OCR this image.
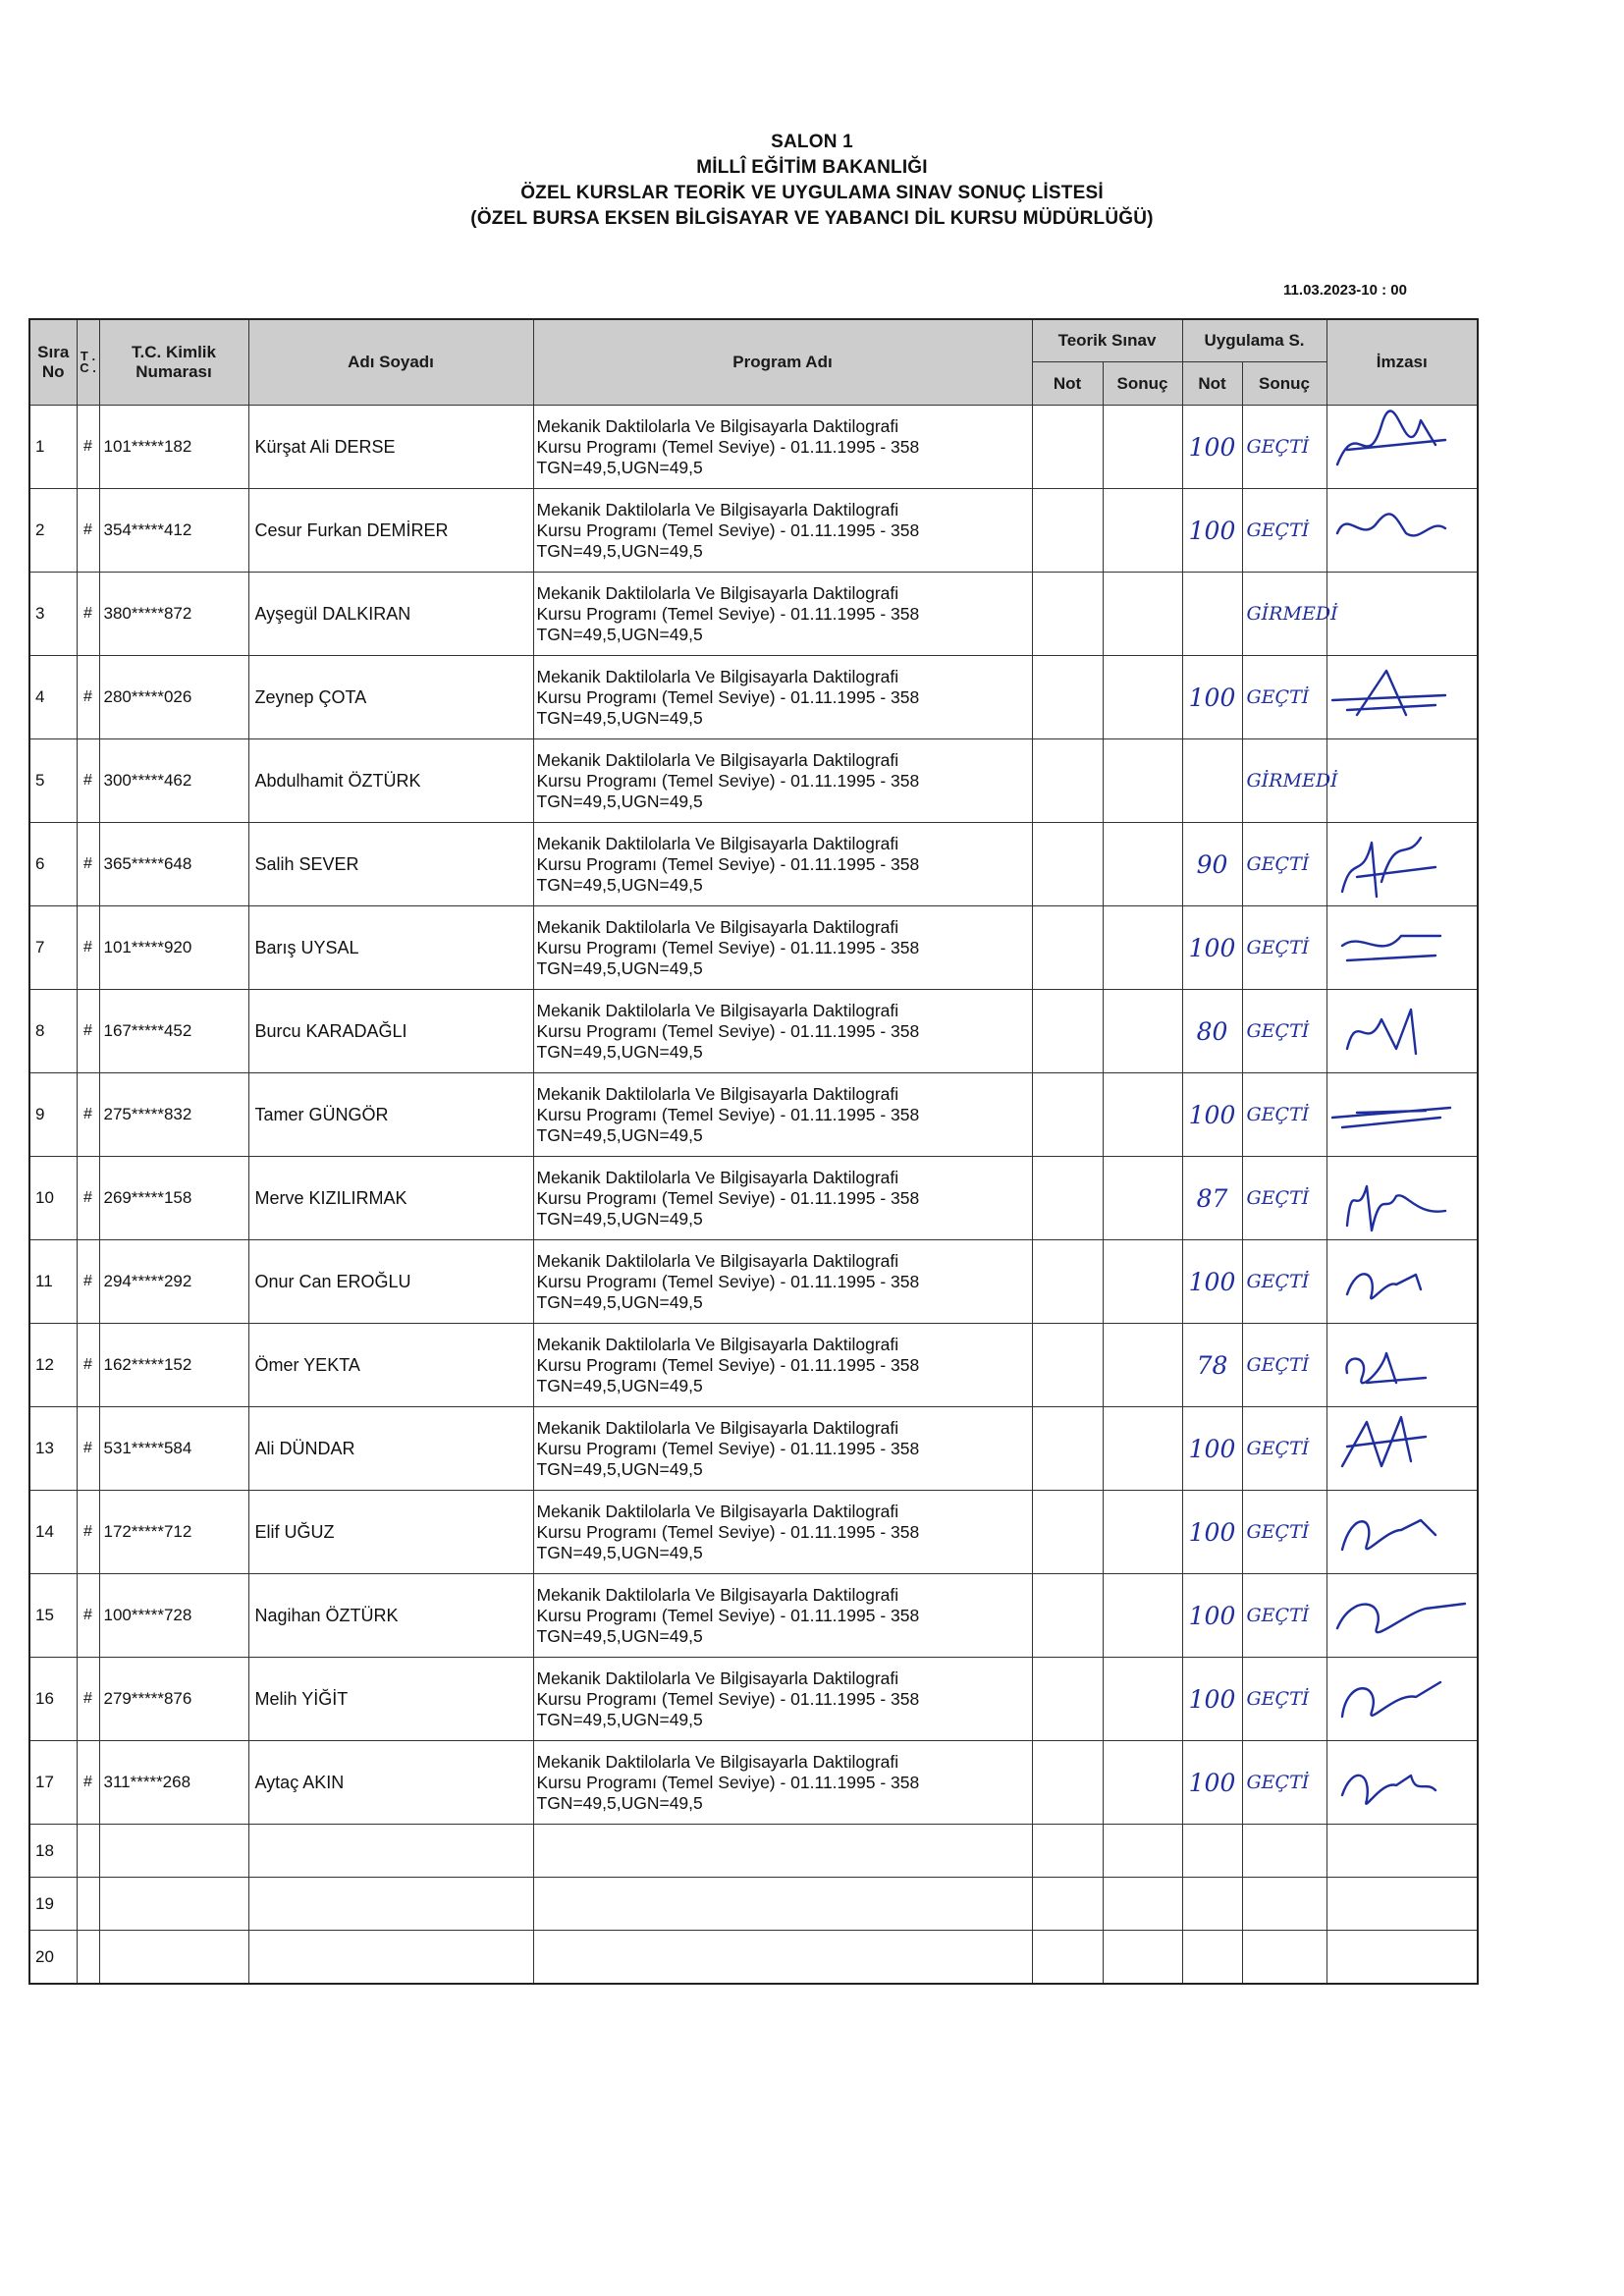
SALON 1
MİLLÎ EĞİTİM BAKANLIĞI
ÖZEL KURSLAR TEORİK VE UYGULAMA SINAV SONUÇ LİSTESİ
(ÖZEL BURSA EKSEN BİLGİSAYAR VE YABANCI DİL KURSU MÜDÜRLÜĞÜ)
11.03.2023-10 : 00
Sıra No	T . C .	T.C. Kimlik Numarası	Adı Soyadı	Program Adı	Teorik Sınav		Uygulama S.		İmzası
					Not	Sonuç	Not	Sonuç	
1	#	101*****182	Kürşat Ali DERSE	Mekanik Daktilolarla Ve Bilgisayarla Daktilografi
Kursu Programı (Temel Seviye) - 01.11.1995 - 358
TGN=49,5,UGN=49,5			100	GEÇTİ	

2	#	354*****412	Cesur Furkan DEMİRER	Mekanik Daktilolarla Ve Bilgisayarla Daktilografi
Kursu Programı (Temel Seviye) - 01.11.1995 - 358
TGN=49,5,UGN=49,5			100	GEÇTİ	

3	#	380*****872	Ayşegül DALKIRAN	Mekanik Daktilolarla Ve Bilgisayarla Daktilografi
Kursu Programı (Temel Seviye) - 01.11.1995 - 358
TGN=49,5,UGN=49,5				GİRMEDİ	
4	#	280*****026	Zeynep ÇOTA	Mekanik Daktilolarla Ve Bilgisayarla Daktilografi
Kursu Programı (Temel Seviye) - 01.11.1995 - 358
TGN=49,5,UGN=49,5			100	GEÇTİ	

5	#	300*****462	Abdulhamit ÖZTÜRK	Mekanik Daktilolarla Ve Bilgisayarla Daktilografi
Kursu Programı (Temel Seviye) - 01.11.1995 - 358
TGN=49,5,UGN=49,5				GİRMEDİ	
6	#	365*****648	Salih SEVER	Mekanik Daktilolarla Ve Bilgisayarla Daktilografi
Kursu Programı (Temel Seviye) - 01.11.1995 - 358
TGN=49,5,UGN=49,5			90	GEÇTİ	

7	#	101*****920	Barış UYSAL	Mekanik Daktilolarla Ve Bilgisayarla Daktilografi
Kursu Programı (Temel Seviye) - 01.11.1995 - 358
TGN=49,5,UGN=49,5			100	GEÇTİ	

8	#	167*****452	Burcu KARADAĞLI	Mekanik Daktilolarla Ve Bilgisayarla Daktilografi
Kursu Programı (Temel Seviye) - 01.11.1995 - 358
TGN=49,5,UGN=49,5			80	GEÇTİ	

9	#	275*****832	Tamer GÜNGÖR	Mekanik Daktilolarla Ve Bilgisayarla Daktilografi
Kursu Programı (Temel Seviye) - 01.11.1995 - 358
TGN=49,5,UGN=49,5			100	GEÇTİ	

10	#	269*****158	Merve KIZILIRMAK	Mekanik Daktilolarla Ve Bilgisayarla Daktilografi
Kursu Programı (Temel Seviye) - 01.11.1995 - 358
TGN=49,5,UGN=49,5			87	GEÇTİ	

11	#	294*****292	Onur Can EROĞLU	Mekanik Daktilolarla Ve Bilgisayarla Daktilografi
Kursu Programı (Temel Seviye) - 01.11.1995 - 358
TGN=49,5,UGN=49,5			100	GEÇTİ	

12	#	162*****152	Ömer YEKTA	Mekanik Daktilolarla Ve Bilgisayarla Daktilografi
Kursu Programı (Temel Seviye) - 01.11.1995 - 358
TGN=49,5,UGN=49,5			78	GEÇTİ	

13	#	531*****584	Ali DÜNDAR	Mekanik Daktilolarla Ve Bilgisayarla Daktilografi
Kursu Programı (Temel Seviye) - 01.11.1995 - 358
TGN=49,5,UGN=49,5			100	GEÇTİ	

14	#	172*****712	Elif UĞUZ	Mekanik Daktilolarla Ve Bilgisayarla Daktilografi
Kursu Programı (Temel Seviye) - 01.11.1995 - 358
TGN=49,5,UGN=49,5			100	GEÇTİ	

15	#	100*****728	Nagihan ÖZTÜRK	Mekanik Daktilolarla Ve Bilgisayarla Daktilografi
Kursu Programı (Temel Seviye) - 01.11.1995 - 358
TGN=49,5,UGN=49,5			100	GEÇTİ	

16	#	279*****876	Melih YİĞİT	Mekanik Daktilolarla Ve Bilgisayarla Daktilografi
Kursu Programı (Temel Seviye) - 01.11.1995 - 358
TGN=49,5,UGN=49,5			100	GEÇTİ	

17	#	311*****268	Aytaç AKIN	Mekanik Daktilolarla Ve Bilgisayarla Daktilografi
Kursu Programı (Temel Seviye) - 01.11.1995 - 358
TGN=49,5,UGN=49,5			100	GEÇTİ	

18									
19									
20									
